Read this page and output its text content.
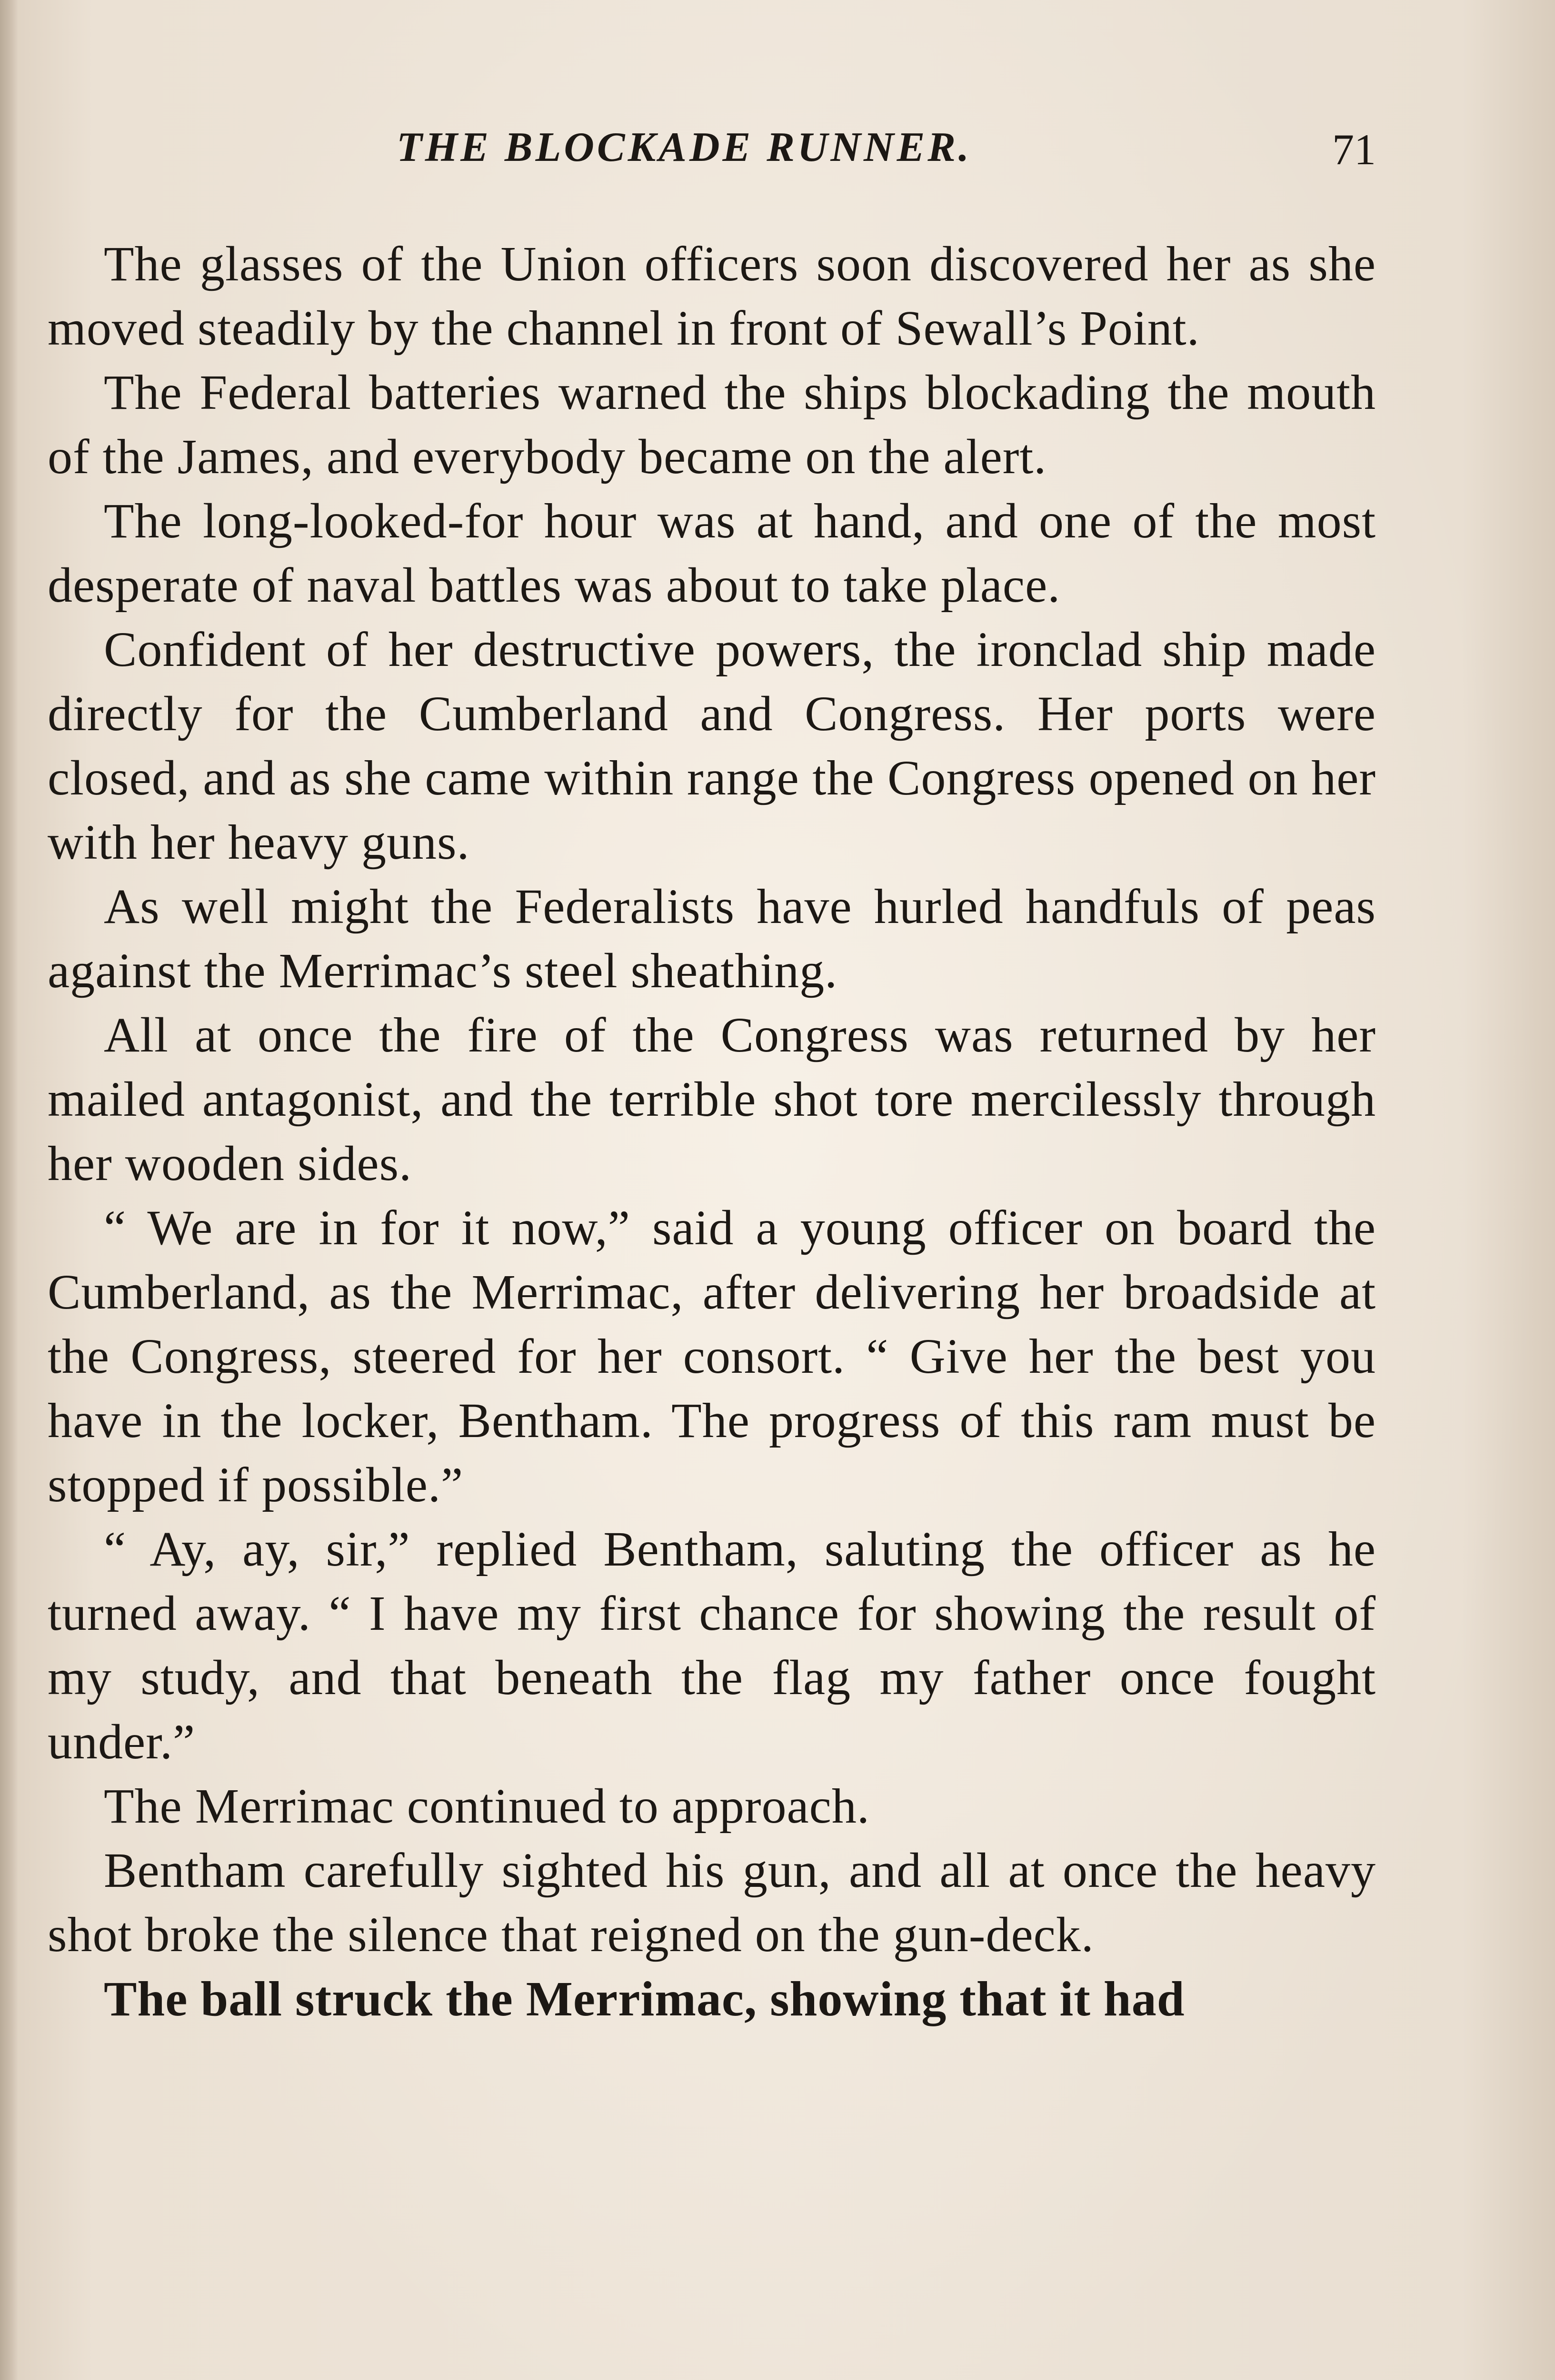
THE BLOCKADE RUNNER.	71

The glasses of the Union officers soon discovered her as she moved steadily by the channel in front of Sewall’s Point.

The Federal batteries warned the ships blockading the mouth of the James, and everybody became on the alert.

The long-looked-for hour was at hand, and one of the most desperate of naval battles was about to take place.

Confident of her destructive powers, the ironclad ship made directly for the Cumberland and Congress. Her ports were closed, and as she came within range the Congress opened on her with her heavy guns.

As well might the Federalists have hurled handfuls of peas against the Merrimac’s steel sheathing.

All at once the fire of the Congress was returned by her mailed antagonist, and the terrible shot tore mercilessly through her wooden sides.

“ We are in for it now,” said a young officer on board the Cumberland, as the Merrimac, after delivering her broadside at the Congress, steered for her consort. “ Give her the best you have in the locker, Bentham. The progress of this ram must be stopped if possible.”

“ Ay, ay, sir,” replied Bentham, saluting the officer as he turned away. “ I have my first chance for showing the result of my study, and that beneath the flag my father once fought under.”

The Merrimac continued to approach.

Bentham carefully sighted his gun, and all at once the heavy shot broke the silence that reigned on the gun-deck.

The ball struck the Merrimac, showing that it had
